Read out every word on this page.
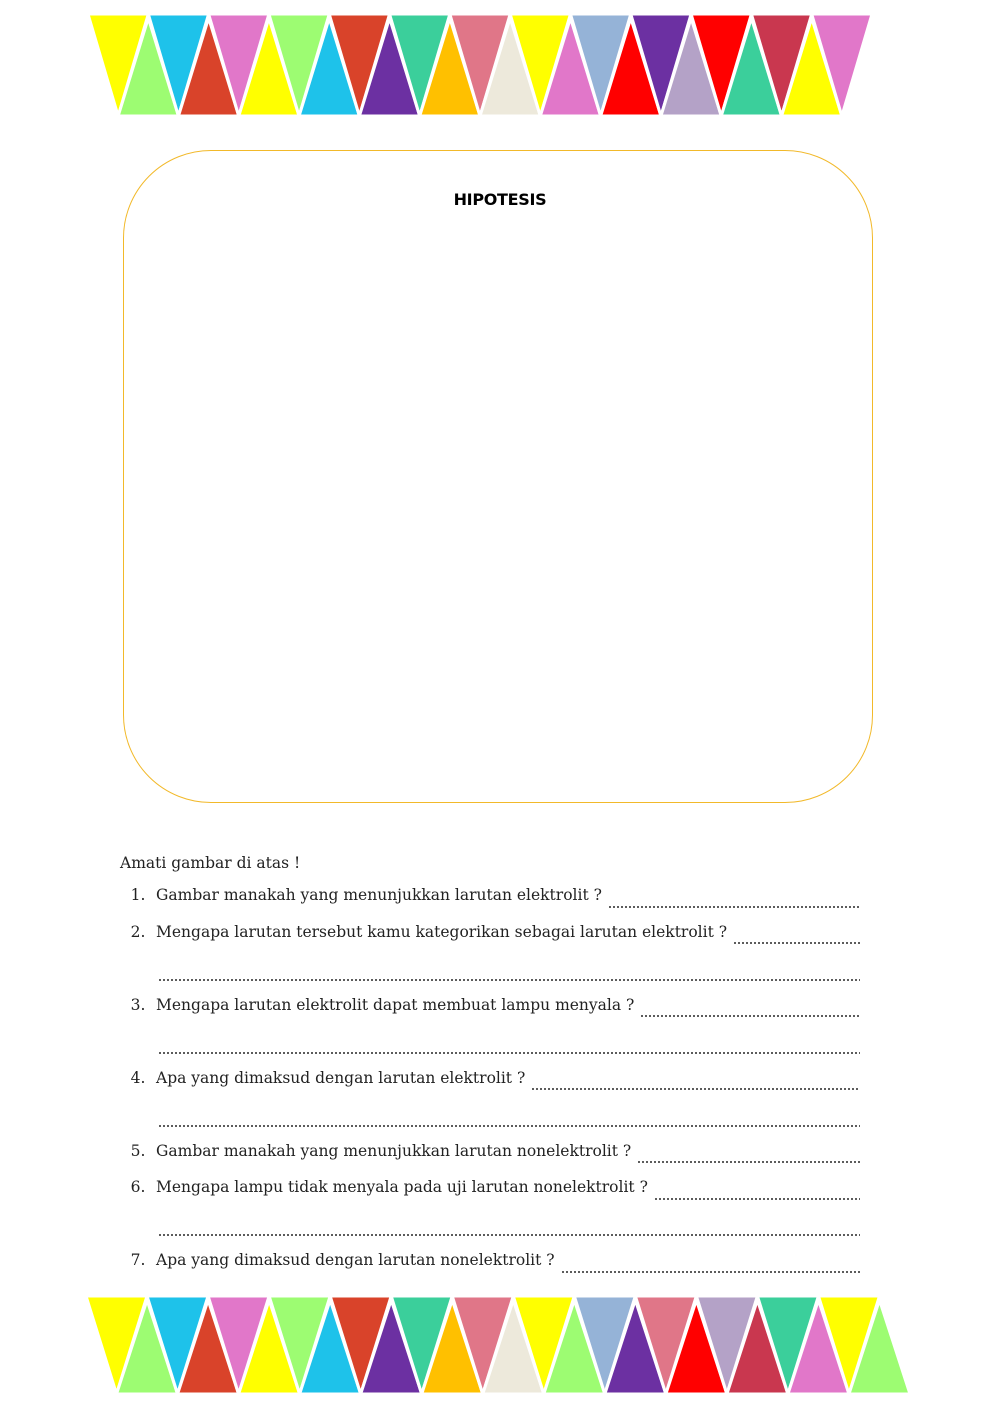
HIPOTESIS
Amati gambar di atas !
1. Gambar manakah yang menunjukkan larutan elektrolit ?
2. Mengapa larutan tersebut kamu kategorikan sebagai larutan elektrolit ?
3. Mengapa larutan elektrolit dapat membuat lampu menyala ?
4. Apa yang dimaksud dengan larutan elektrolit ?
5. Gambar manakah yang menunjukkan larutan nonelektrolit ?
6. Mengapa lampu tidak menyala pada uji larutan nonelektrolit ?
7. Apa yang dimaksud dengan larutan nonelektrolit ?
